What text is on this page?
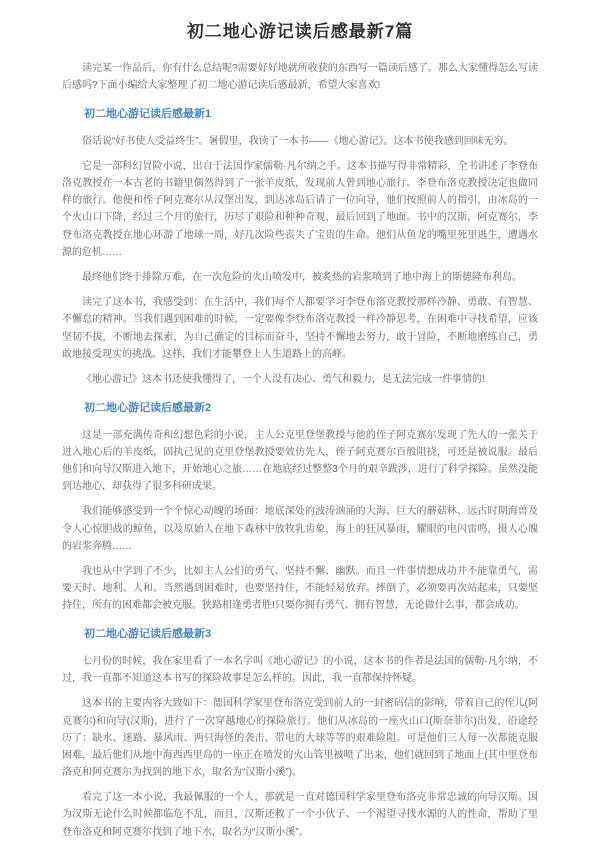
初二地心游记读后感最新7篇

读完某一作品后，你有什么总结呢?需要好好地就所收获的东西写一篇读后感了。那么大家懂得怎么写读后感吗?下面小编给大家整理了初二地心游记读后感最新，希望大家喜欢!

初二地心游记读后感最新1

俗话说“好书使人受益终生”。暑假里，我读了一本书——《地心游记》。这本书使我感到回味无穷。

它是一部科幻冒险小说，出自于法国作家儒勒·凡尔纳之手。这本书描写得非常精彩，全书讲述了李登布洛克教授在一本古老的书籍里偶然得到了一张羊皮纸，发现前人曾到地心旅行。李登布洛克教授决定也做同样的旅行。他便和侄子阿克赛尔从汉堡出发，到达冰岛后请了一位向导，他们按照前人的指引，由冰岛的一个火山口下降，经过三个月的旅行，历尽了艰险和种种奇观，最后回到了地面。书中的汉斯，阿克赛尔，李登布洛克教授在地心环游了地球一周，好几次险些丧失了宝贵的生命。他们从鱼龙的嘴里死里逃生，遭遇水源的危机……

最终他们终于排除万难，在一次危险的火山喷发中，被炙热的岩浆喷到了地中海上的斯德隆布利岛。

读完了这本书，我感受到：在生活中，我们每个人都要学习李登布洛克教授那样冷静、勇敢、有智慧、不懈怠的精神。当我们遇到困难的时候，一定要像李登布洛克教授一样冷静思考，在困难中寻找希望，应该坚韧不拔，不断地去探索，为自己确定的目标而奋斗，坚持不懈地去努力，敢于冒险，不断地磨练自己，勇敢地接受现实的挑战。这样，我们才能攀登上人生道路上的高峰。

《地心游记》这本书还使我懂得了，一个人没有决心、勇气和毅力，是无法完成一件事情的!

初二地心游记读后感最新2

这是一部充满传奇和幻想色彩的小说，主人公克里登堡教授与他的侄子阿克赛尔发现了先人的一张关于进入地心后的羊皮纸，固执己见的克里登堡教授要效仿先人，侄子阿克赛尔百般阻挠，可还是被说服。最后他们和向导汉斯进入地下，开始地心之旅……在地底经过整整3个月的艰辛跋涉，进行了科学探险。虽然没能到达地心，却获得了很多科研成果。

我们能够感受到一个个惊心动魄的场面：地底深处的波涛汹涌的大海、巨大的蘑菇林、远古时期海兽及令人心惊胆战的鲸鱼，以及原始人在地下森林中放牧乳齿象，海上的狂风暴雨，耀眼的电闪雷鸣，摄人心魄的岩浆奔腾……

我也从中学到了不少，比如主人公们的勇气、坚持不懈、幽默。而且一件事情想成功并不能靠勇气，需要天时、地利、人和。当然遇到困难时，也要坚持住，不能轻易放弃。摔倒了，必须要再次站起来，只要坚持住，所有的困难都会被克服。狭路相逢勇者胜!只要你拥有勇气、拥有智慧，无论做什么事，都会成功。

初二地心游记读后感最新3

七月份的时候，我在家里看了一本名字叫《地心游记》的小说，这本书的作者是法国的儒勒·凡尔纳，不过，我一直都不知道这本书写的探险故事是怎么样的。因此，我一直都保持怀疑。

这本书的主要内容大致如下：德国科学家里登布洛克受到前人的一封密码信的影响，带着自己的侄儿(阿克赛尔)和向导(汉斯)，进行了一次穿越地心的探险旅行。他们从冰岛的一座火山口(斯奈菲尔)出发，沿途经历了：缺水、迷路、暴风雨、两只海怪的袭击、带电的大球等等的艰难险阻。可是他们三人每一次都能克服困难，最后他们从地中海西西里岛的一座正在喷发的火山管里被喷了出来，他们就回到了地面上(其中里登布洛克和阿克赛尔为找到的地下水，取名为“汉斯小溪”)。

看完了这一本小说，我最佩服的一个人，那就是一直对德国科学家里登布洛克非常忠诚的向导汉斯。因为汉斯无论什么时候都临危不乱，而且，汉斯还救了一个小伙子、一个渴望寻找水源的人的性命，帮助了里登布洛克和阿克赛尔找到了地下水，取名为“汉斯小溪”。
